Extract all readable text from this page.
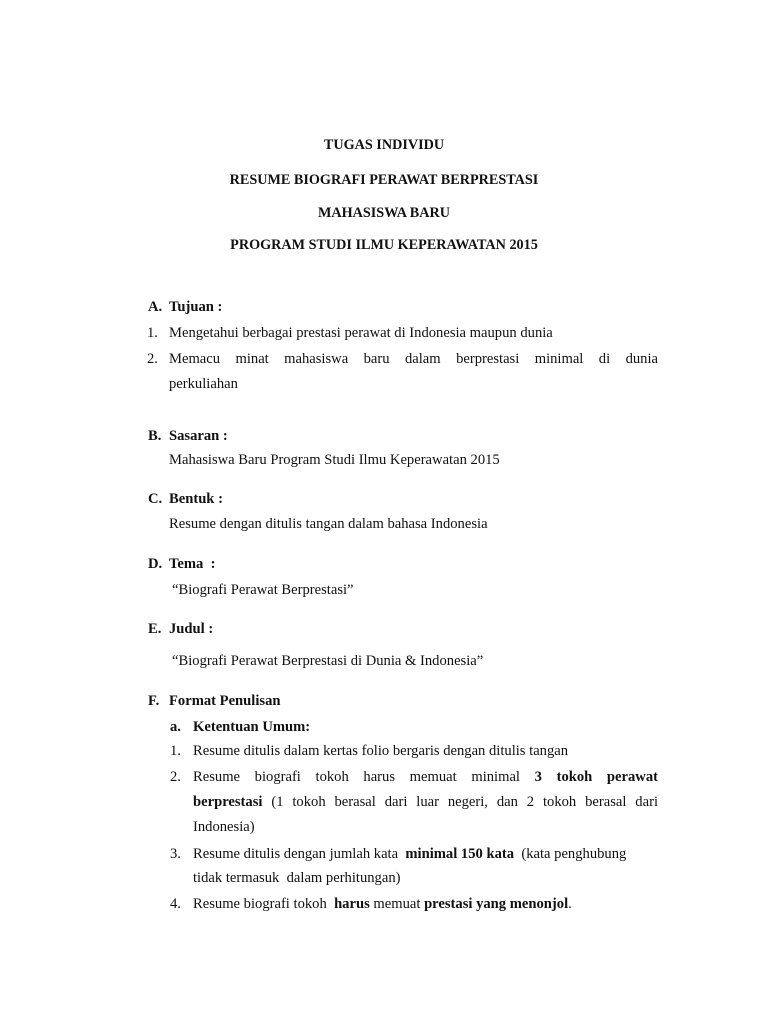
TUGAS INDIVIDU
RESUME BIOGRAFI PERAWAT BERPRESTASI
MAHASISWA BARU
PROGRAM STUDI ILMU KEPERAWATAN 2015
A. Tujuan :
1. Mengetahui berbagai prestasi perawat di Indonesia maupun dunia
2. Memacu minat mahasiswa baru dalam berprestasi minimal di dunia
perkuliahan
B. Sasaran :
Mahasiswa Baru Program Studi Ilmu Keperawatan 2015
C. Bentuk :
Resume dengan ditulis tangan dalam bahasa Indonesia
D. Tema  :
“Biografi Perawat Berprestasi”
E. Judul :
“Biografi Perawat Berprestasi di Dunia & Indonesia”
F. Format Penulisan
a. Ketentuan Umum:
1. Resume ditulis dalam kertas folio bergaris dengan ditulis tangan
2. Resume biografi tokoh harus memuat minimal 3 tokoh perawat
berprestasi (1 tokoh berasal dari luar negeri, dan 2 tokoh berasal dari
Indonesia)
3. Resume ditulis dengan jumlah kata  minimal 150 kata  (kata penghubung
tidak termasuk  dalam perhitungan)
4. Resume biografi tokoh  harus memuat prestasi yang menonjol.
